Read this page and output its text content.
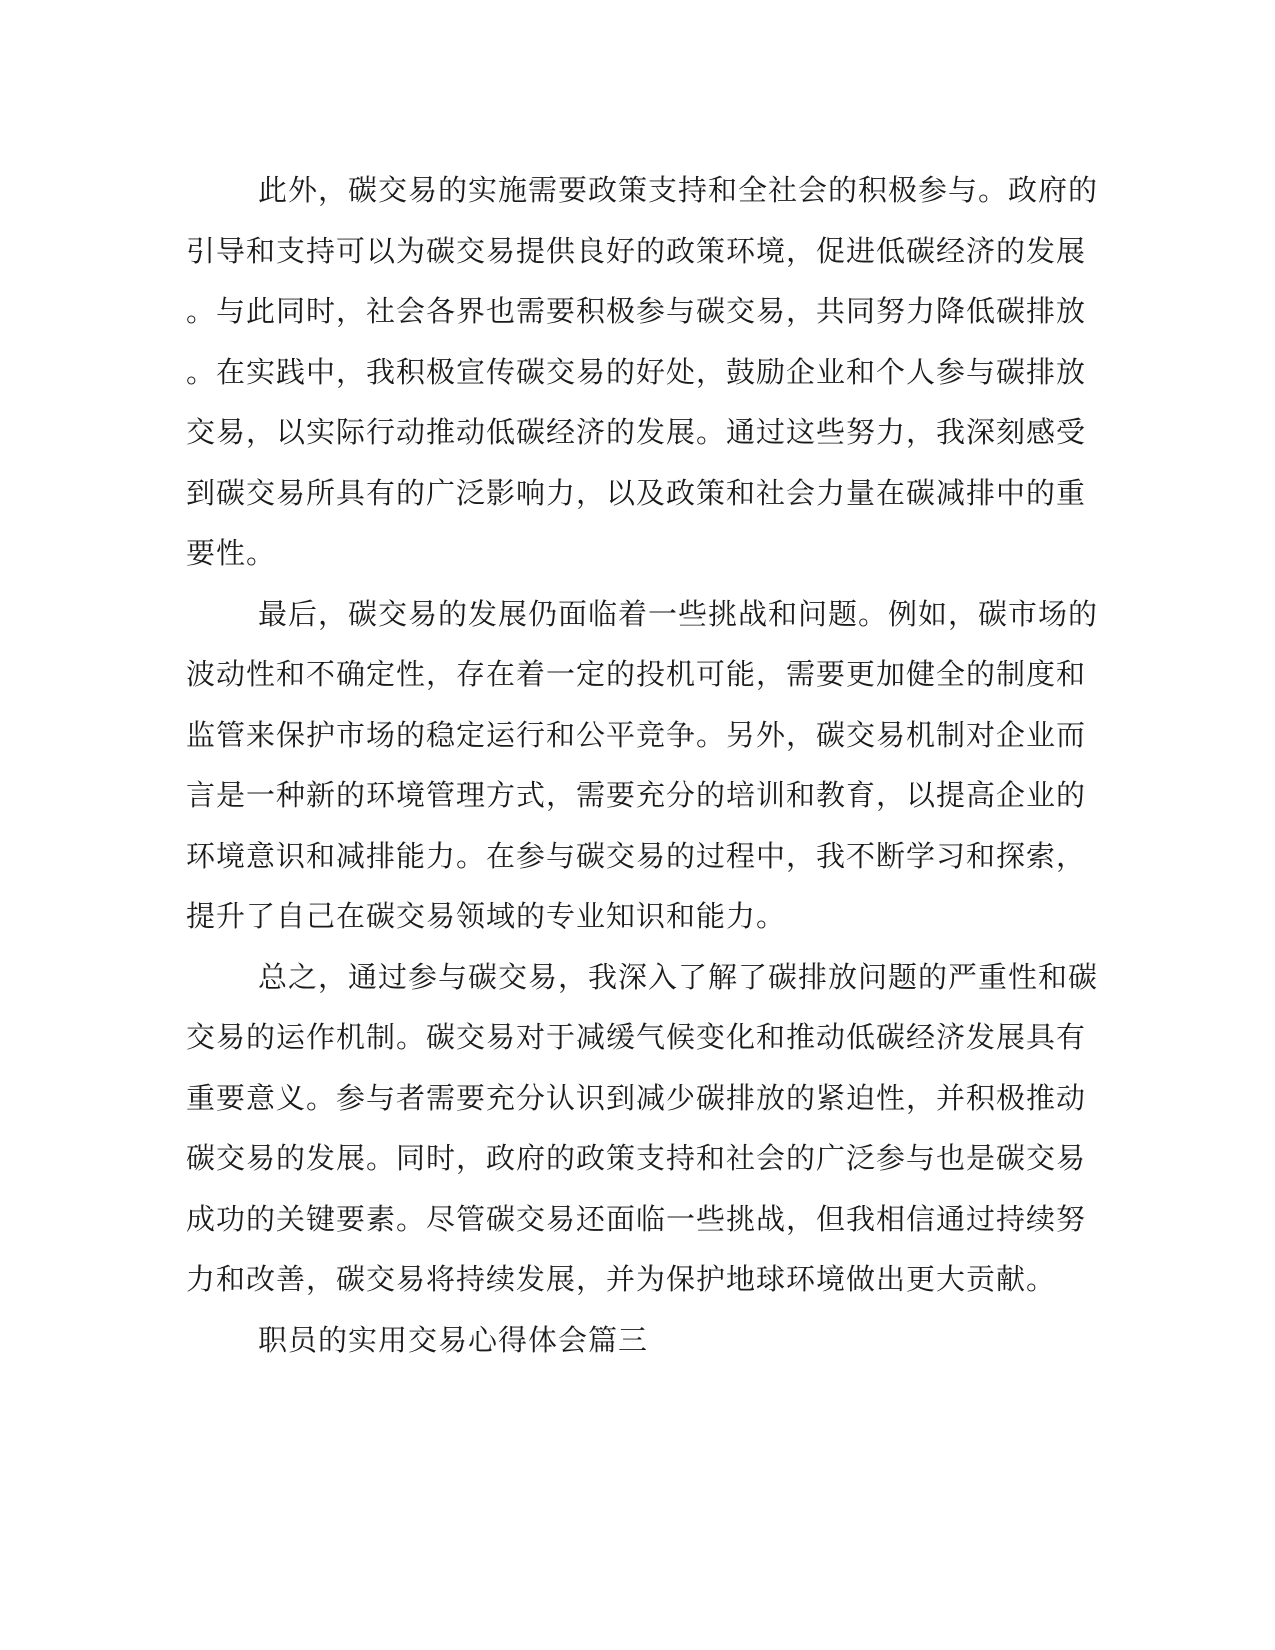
此外，碳交易的实施需要政策支持和全社会的积极参与。政府的
引导和支持可以为碳交易提供良好的政策环境，促进低碳经济的发展
。与此同时，社会各界也需要积极参与碳交易，共同努力降低碳排放
。在实践中，我积极宣传碳交易的好处，鼓励企业和个人参与碳排放
交易，以实际行动推动低碳经济的发展。通过这些努力，我深刻感受
到碳交易所具有的广泛影响力，以及政策和社会力量在碳减排中的重
要性。
最后，碳交易的发展仍面临着一些挑战和问题。例如，碳市场的
波动性和不确定性，存在着一定的投机可能，需要更加健全的制度和
监管来保护市场的稳定运行和公平竞争。另外，碳交易机制对企业而
言是一种新的环境管理方式，需要充分的培训和教育，以提高企业的
环境意识和减排能力。在参与碳交易的过程中，我不断学习和探索，
提升了自己在碳交易领域的专业知识和能力。
总之，通过参与碳交易，我深入了解了碳排放问题的严重性和碳
交易的运作机制。碳交易对于减缓气候变化和推动低碳经济发展具有
重要意义。参与者需要充分认识到减少碳排放的紧迫性，并积极推动
碳交易的发展。同时，政府的政策支持和社会的广泛参与也是碳交易
成功的关键要素。尽管碳交易还面临一些挑战，但我相信通过持续努
力和改善，碳交易将持续发展，并为保护地球环境做出更大贡献。
职员的实用交易心得体会篇三
